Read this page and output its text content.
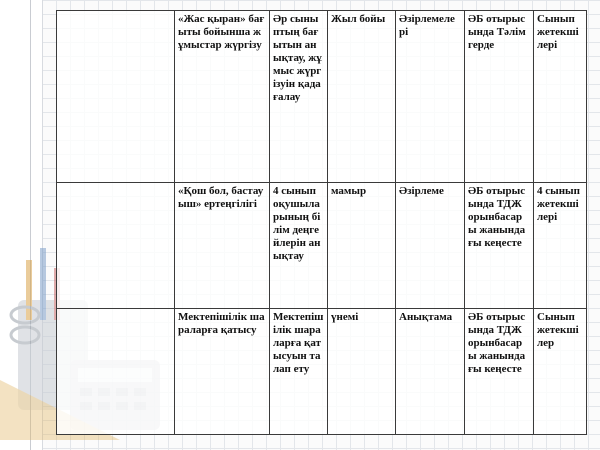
	«Жас қыран» бағыты бойынша жұмыстар жүргізу	Әр сыныптың бағытын анықтау, жұмыс жүргізуін қадағалау	Жыл бойы	Әзірлемелері	ӘБ отырысында Тәлімгерде	Сынып жетекшілері
	«Қош бол, бастауыш» ертеңгілігі	4 сынып оқушыларының білім деңгейлерін анықтау	мамыр	Әзірлеме	ӘБ отырысында ТДЖ орынбасары жанындағы кеңесте	4 сынып жетекшілері
	Мектепішілік шараларға қатысу	Мектепішілік шараларға қатысуын талап ету	үнемі	Анықтама	ӘБ отырысында ТДЖ орынбасары жанындағы кеңесте	Сынып жетекшілер
